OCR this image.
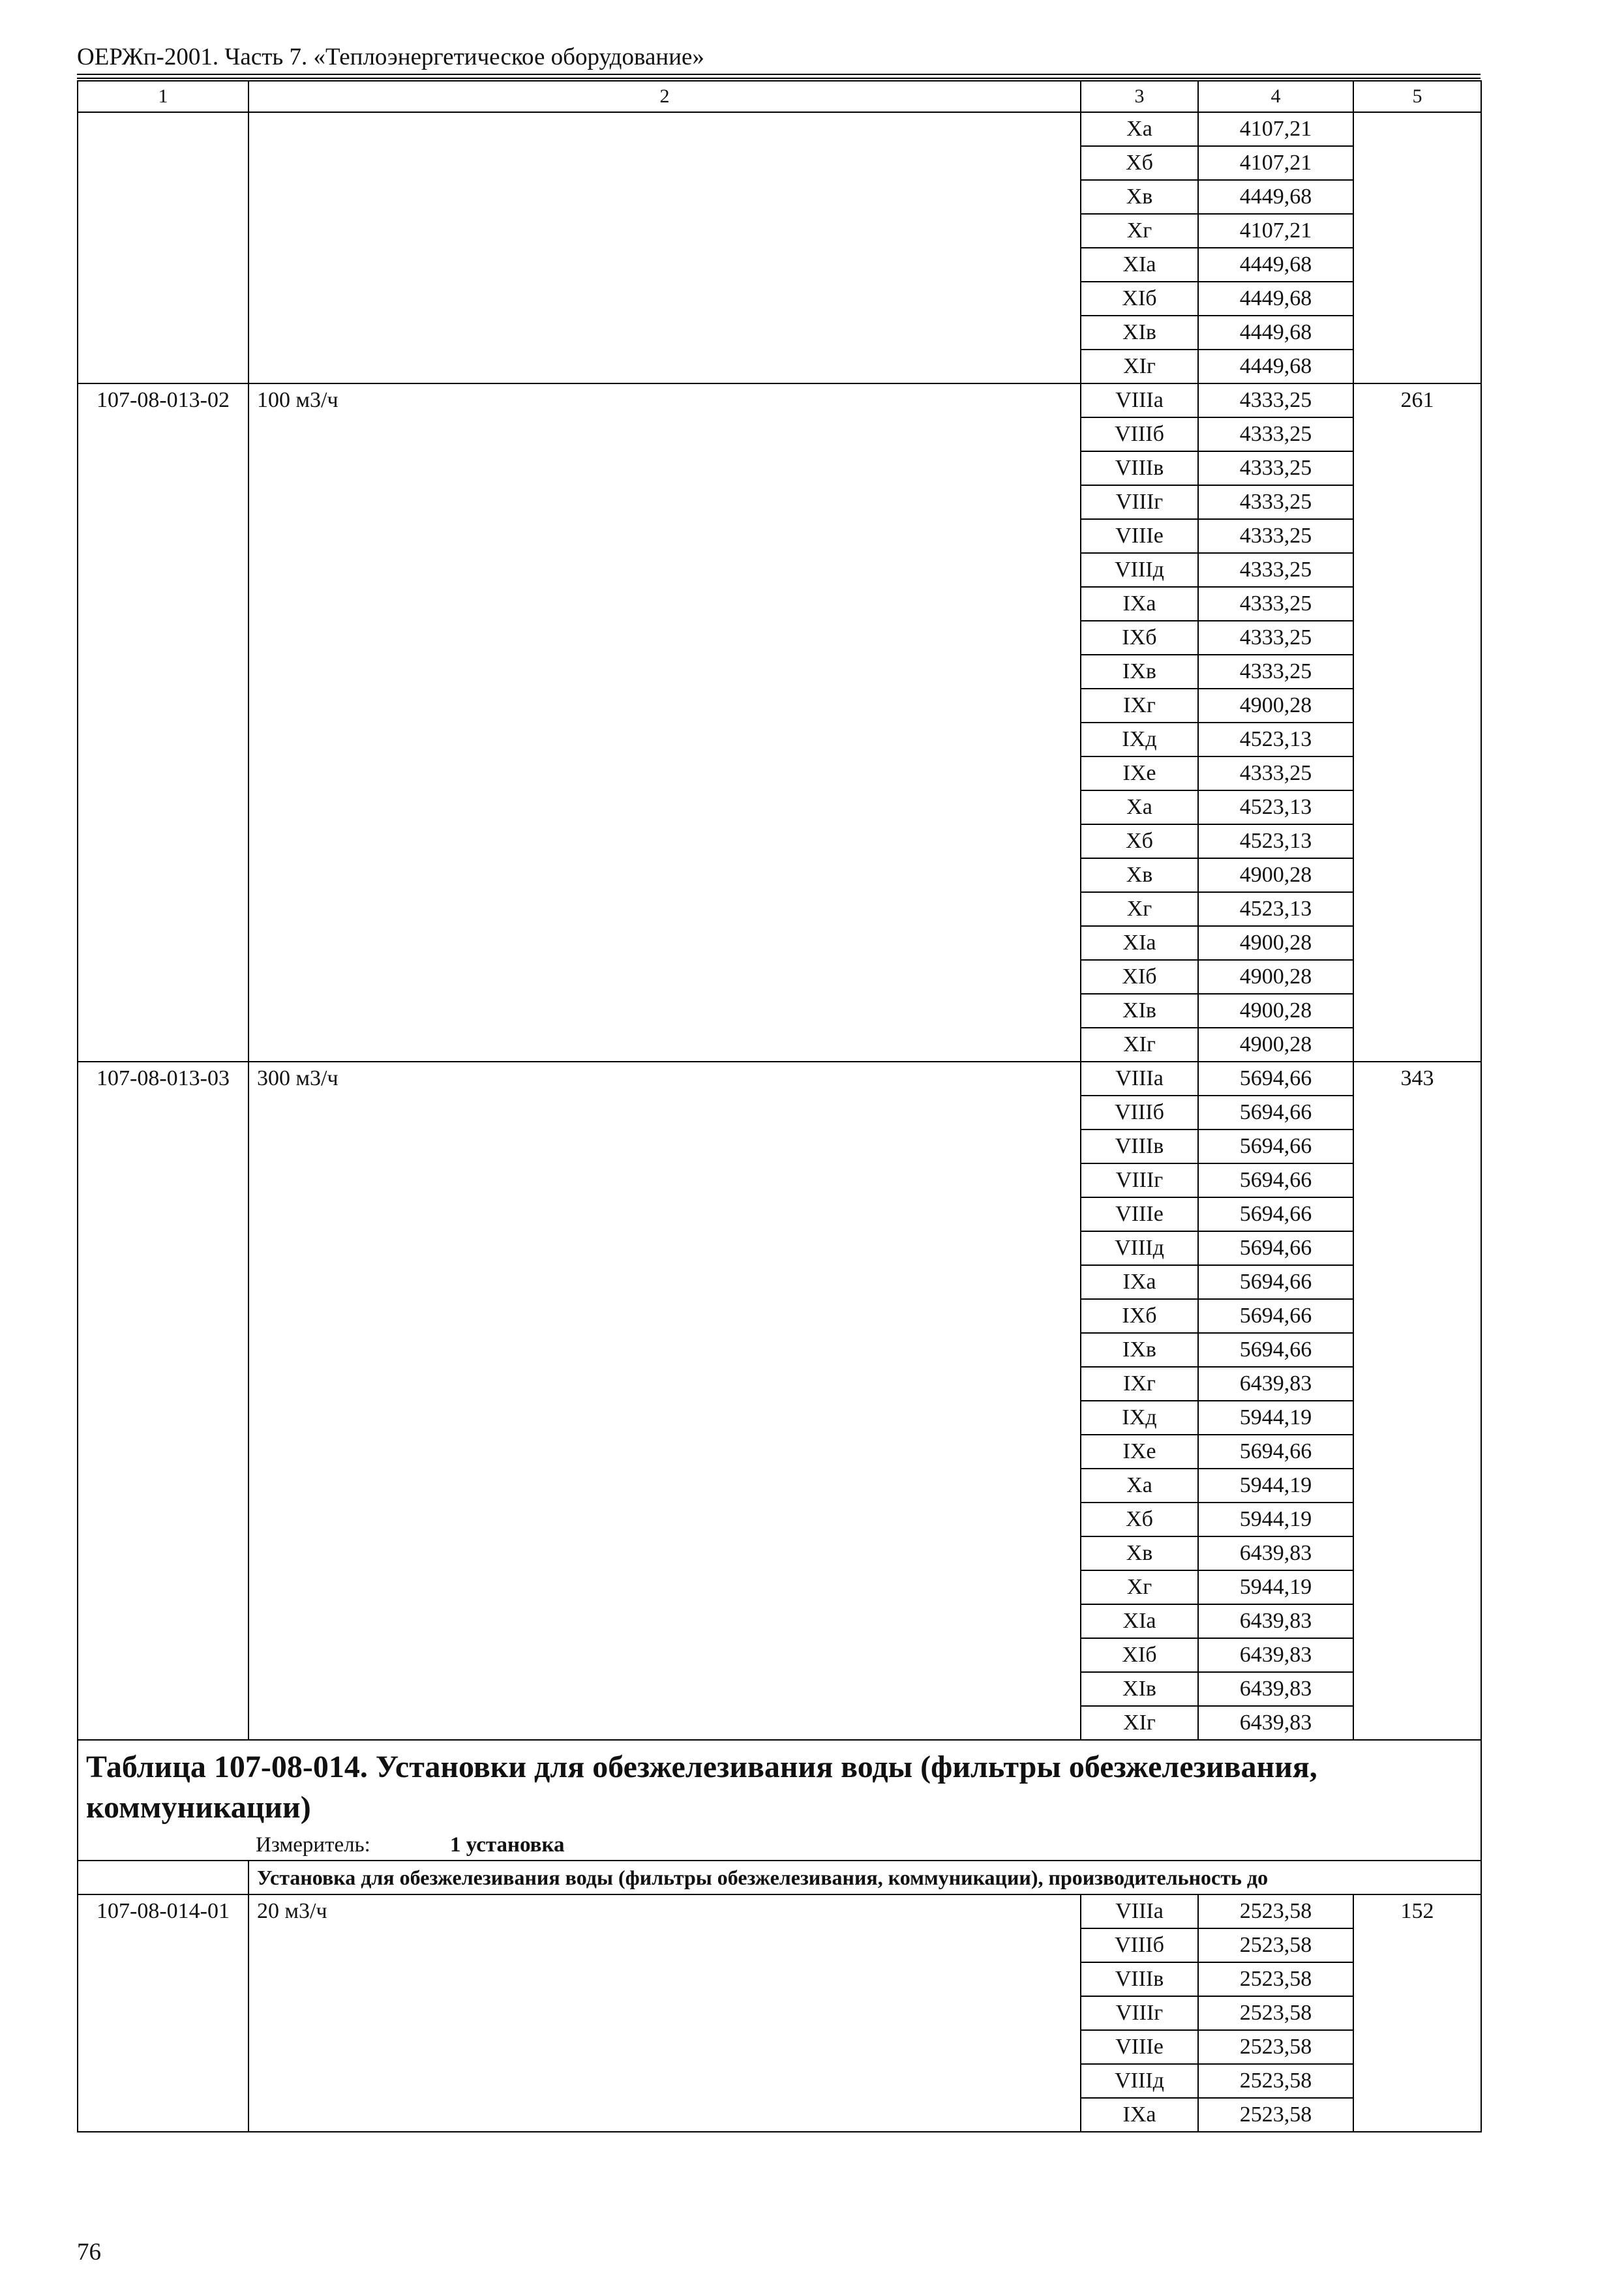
ОЕРЖп-2001. Часть 7. «Теплоэнергетическое оборудование»
1	2	3	4	5
		Xa	4107,21	
		Xб	4107,21	
		Xв	4449,68	
		Xг	4107,21	
		XIa	4449,68	
		XIб	4449,68	
		XIв	4449,68	
		XIг	4449,68	
107-08-013-02	100 м3/ч	VIIIa	4333,25	261
		VIIIб	4333,25	
		VIIIв	4333,25	
		VIIIг	4333,25	
		VIIIe	4333,25	
		VIIIд	4333,25	
		IXa	4333,25	
		IXб	4333,25	
		IXв	4333,25	
		IXг	4900,28	
		IXд	4523,13	
		IXe	4333,25	
		Xa	4523,13	
		Xб	4523,13	
		Xв	4900,28	
		Xг	4523,13	
		XIa	4900,28	
		XIб	4900,28	
		XIв	4900,28	
		XIг	4900,28	
107-08-013-03	300 м3/ч	VIIIa	5694,66	343
		VIIIб	5694,66	
		VIIIв	5694,66	
		VIIIг	5694,66	
		VIIIe	5694,66	
		VIIIд	5694,66	
		IXa	5694,66	
		IXб	5694,66	
		IXв	5694,66	
		IXг	6439,83	
		IXд	5944,19	
		IXe	5694,66	
		Xa	5944,19	
		Xб	5944,19	
		Xв	6439,83	
		Xг	5944,19	
		XIa	6439,83	
		XIб	6439,83	
		XIв	6439,83	
		XIг	6439,83	

Таблица 107-08-014. Установки для обезжелезивания воды (фильтры обезжелезивания, коммуникации)
Измеритель: 1 установка				

	Установка для обезжелезивания воды (фильтры обезжелезивания, коммуникации), производительность до			
107-08-014-01	20 м3/ч	VIIIa	2523,58	152
		VIIIб	2523,58	
		VIIIв	2523,58	
		VIIIг	2523,58	
		VIIIe	2523,58	
		VIIIд	2523,58	
		IXa	2523,58	
76
